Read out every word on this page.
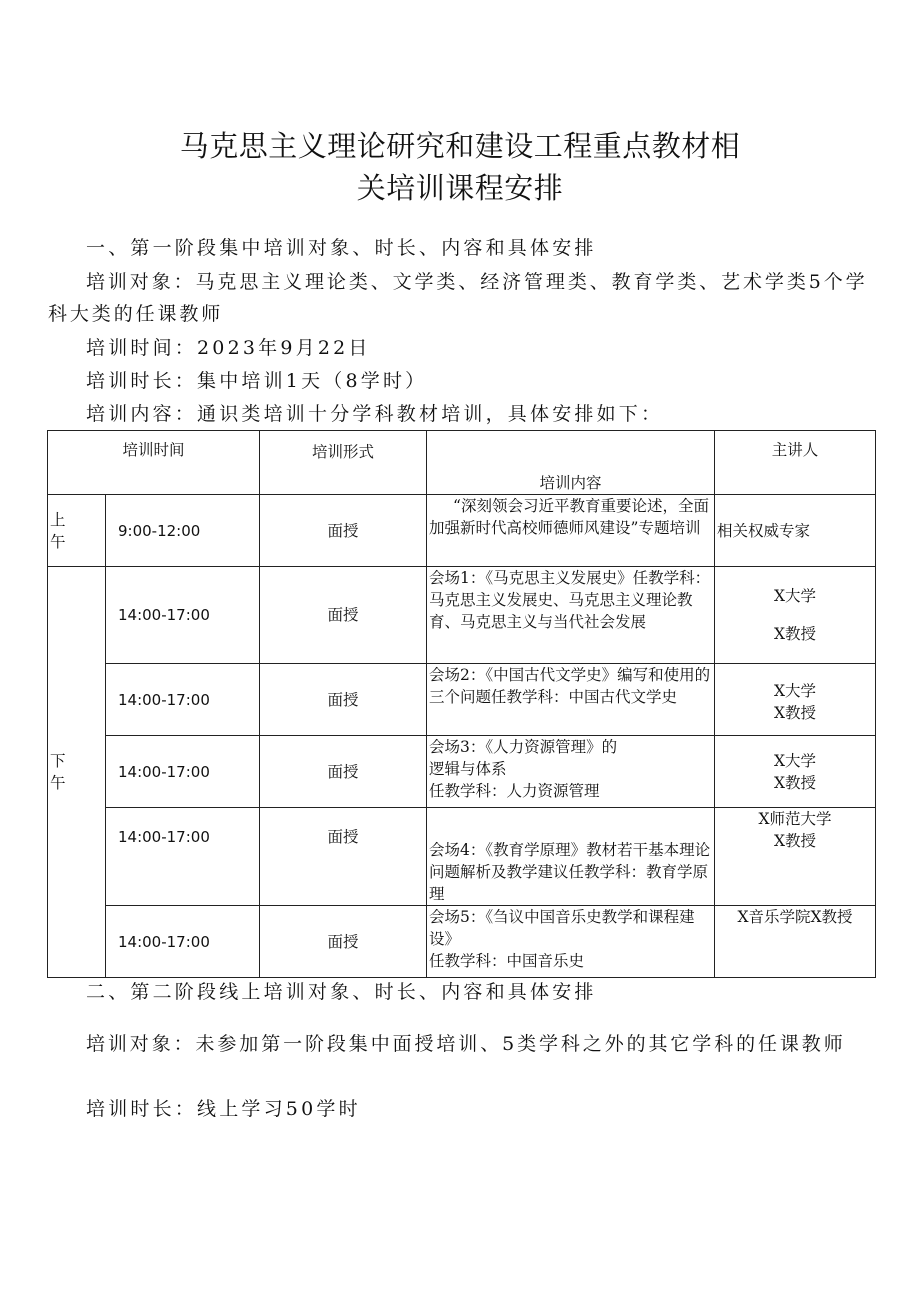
马克思主义理论研究和建设工程重点教材相
关培训课程安排
一、第一阶段集中培训对象、时长、内容和具体安排
培训对象：马克思主义理论类、文学类、经济管理类、教育学类、艺术学类5个学科大类的任课教师
培训时间：2023年9月22日
培训时长：集中培训1天（8学时）
培训内容：通识类培训十分学科教材培训，具体安排如下：
培训时间		培训形式	培训内容	主讲人

上午	9:00-12:00	面授	“深刻领会习近平教育重要论述，全面加强新时代高校师德师风建设”专题培训	相关权威专家

下午	14:00-17:00	面授	会场1：《马克思主义发展史》任教学科：马克思主义发展史、马克思主义理论教育、马克思主义与当代社会发展	X大学
X教授

	14:00-17:00	面授	会场2：《中国古代文学史》编写和使用的三个问题任教学科：中国古代文学史	X大学
X教授

	14:00-17:00	面授	会场3：《人力资源管理》的
逻辑与体系
任教学科：人力资源管理	X大学
X教授

	14:00-17:00	面授	会场4：《教育学原理》教材若干基本理论问题解析及教学建议任教学科：教育学原理	X师范大学
X教授

	14:00-17:00	面授	会场5：《刍议中国音乐史教学和课程建设》
任教学科：中国音乐史	X音乐学院X教授
二、第二阶段线上培训对象、时长、内容和具体安排
培训对象：未参加第一阶段集中面授培训、5类学科之外的其它学科的任课教师
培训时长：线上学习50学时
